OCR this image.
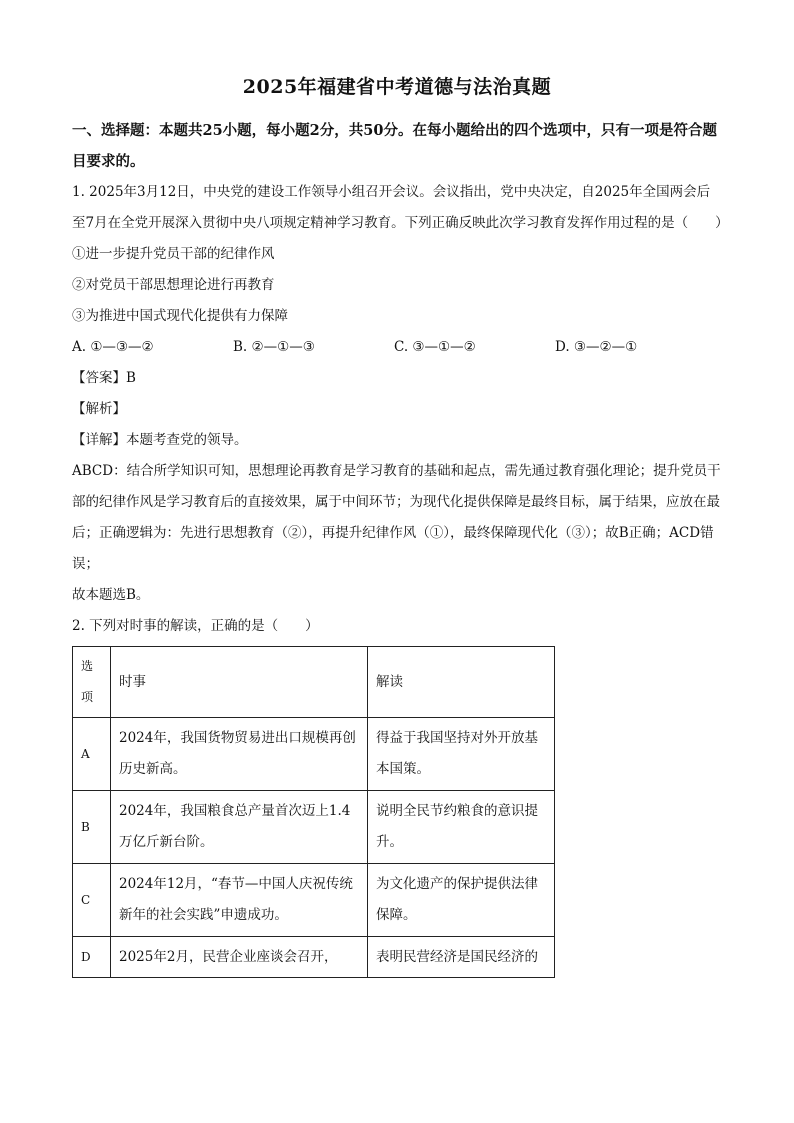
2025年福建省中考道德与法治真题
一、选择题：本题共25小题，每小题2分，共50分。在每小题给出的四个选项中，只有一项是符合题目要求的。

1. 2025年3月12日，中央党的建设工作领导小组召开会议。会议指出，党中央决定，自2025年全国两会后至7月在全党开展深入贯彻中央八项规定精神学习教育。下列正确反映此次学习教育发挥作用过程的是（　　）

①进一步提升党员干部的纪律作风

②对党员干部思想理论进行再教育

③为推进中国式现代化提供有力保障

A. ①—③—②	B. ②—①—③	C. ③—①—②	D. ③—②—①

【答案】B

【解析】

【详解】本题考查党的领导。

ABCD：结合所学知识可知，思想理论再教育是学习教育的基础和起点，需先通过教育强化理论；提升党员干部的纪律作风是学习教育后的直接效果，属于中间环节；为现代化提供保障是最终目标，属于结果，应放在最后；正确逻辑为：先进行思想教育（②），再提升纪律作风（①），最终保障现代化（③）；故B正确；ACD错误；

故本题选B。

2. 下列对时事的解读，正确的是（　　）

选项	时事	解读
A	2024年，我国货物贸易进出口规模再创历史新高。	得益于我国坚持对外开放基本国策。
B	2024年，我国粮食总产量首次迈上1.4万亿斤新台阶。	说明全民节约粮食的意识提升。
C	2024年12月，“春节—中国人庆祝传统新年的社会实践”申遗成功。	为文化遗产的保护提供法律保障。
D	2025年2月，民营企业座谈会召开，	表明民营经济是国民经济的
